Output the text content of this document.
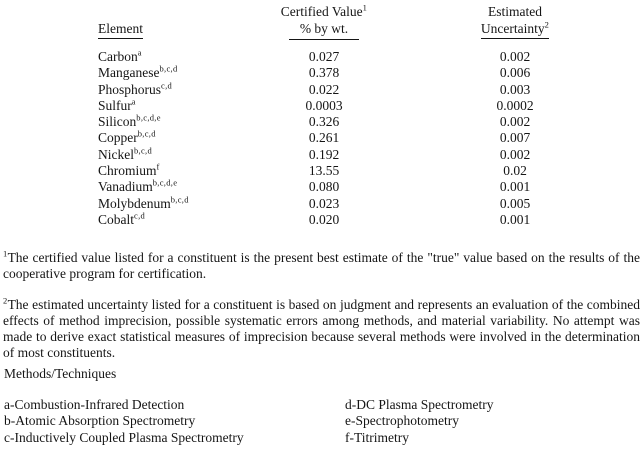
Certified Value$^1$	Estimated
Element	% by wt.	Uncertainty$^2$
Carbon$^a$	0.027	0.002
Manganese$^{b,c,d}$	0.378	0.006
Phosphorus$^{c,d}$	0.022	0.003
Sulfur$^a$	0.0003	0.0002
Silicon$^{b,c,d,e}$	0.326	0.002
Copper$^{b,c,d}$	0.261	0.007
Nickel$^{b,c,d}$	0.192	0.002
Chromium$^f$	13.55	0.02
Vanadium$^{b,c,d,e}$	0.080	0.001
Molybdenum$^{b,c,d}$	0.023	0.005
Cobalt$^{c,d}$	0.020	0.001

$^1$The certified value listed for a constituent is the present best estimate of the "true" value based on the results of the cooperative program for certification.

$^2$The estimated uncertainty listed for a constituent is based on judgment and represents an evaluation of the combined effects of method imprecision, possible systematic errors among methods, and material variability. No attempt was made to derive exact statistical measures of imprecision because several methods were involved in the determination of most constituents.

Methods/Techniques
a-Combustion-Infrared Detection
b-Atomic Absorption Spectrometry
c-Inductively Coupled Plasma Spectrometry
d-DC Plasma Spectrometry
e-Spectrophotometry
f-Titrimetry
